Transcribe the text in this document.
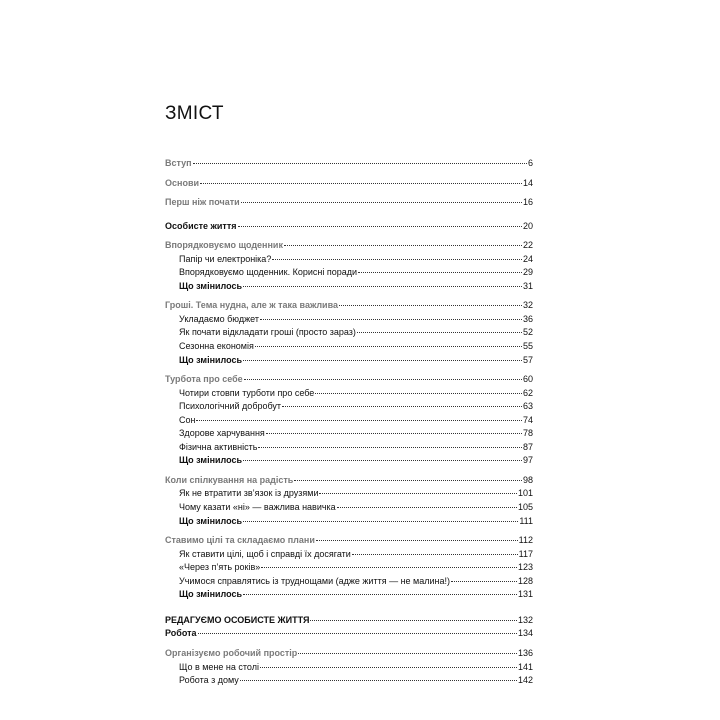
ЗМІСТ
Вступ	6
Основи	14
Перш ніж почати	16
Особисте життя	20
Впорядковуємо щоденник	22
Папір чи електроніка?	24
Впорядковуємо щоденник. Корисні поради	29
Що змінилось	31
Гроші. Тема нудна, але ж така важлива	32
Укладаємо бюджет	36
Як почати відкладати гроші (просто зараз)	52
Сезонна економія	55
Що змінилось	57
Турбота про себе	60
Чотири стовпи турботи про себе	62
Психологічний добробут	63
Сон	74
Здорове харчування	78
Фізична активність	87
Що змінилось	97
Коли спілкування на радість	98
Як не втратити зв’язок із друзями	101
Чому казати «ні» — важлива навичка	105
Що змінилось	111
Ставимо цілі та складаємо плани	112
Як ставити цілі, щоб і справді їх досягати	117
«Через п’ять років»	123
Учимося справлятись із труднощами (адже життя — не малина!)	128
Що змінилось	131
РЕДАГУЄМО ОСОБИСТЕ ЖИТТЯ	132
Робота	134
Організуємо робочий простір	136
Що в мене на столі	141
Робота з дому	142
